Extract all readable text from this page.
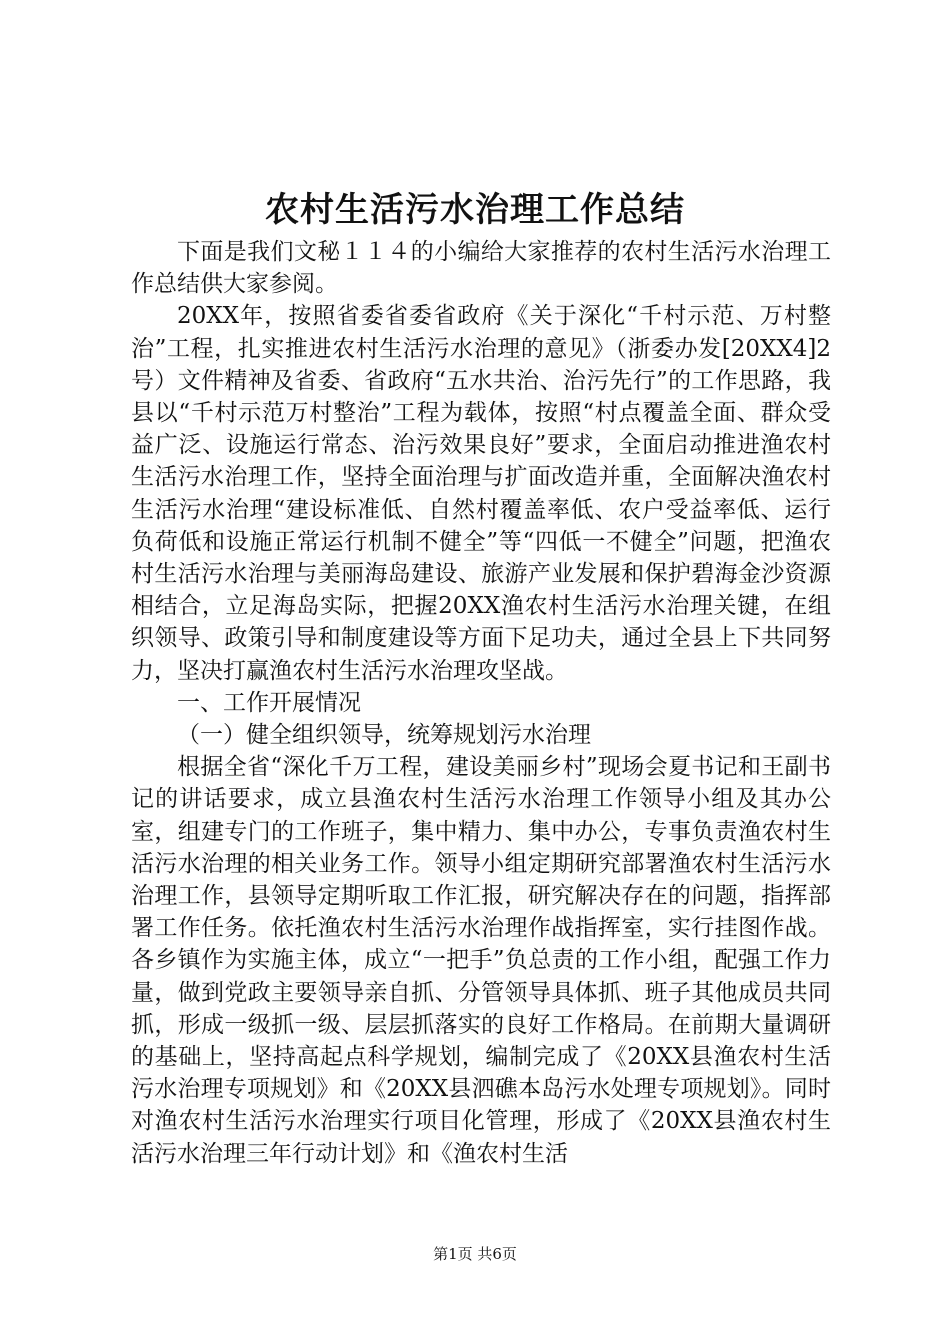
农村生活污水治理工作总结

下面是我们文秘１１４的小编给大家推荐的农村生活污水治理工作总结供大家参阅。

20XX年，按照省委省委省政府《关于深化“千村示范、万村整治”工程，扎实推进农村生活污水治理的意见》（浙委办发[20XX4]2号）文件精神及省委、省政府“五水共治、治污先行”的工作思路，我县以“千村示范万村整治”工程为载体，按照“村点覆盖全面、群众受益广泛、设施运行常态、治污效果良好”要求，全面启动推进渔农村生活污水治理工作，坚持全面治理与扩面改造并重，全面解决渔农村生活污水治理“建设标准低、自然村覆盖率低、农户受益率低、运行负荷低和设施正常运行机制不健全”等“四低一不健全”问题，把渔农村生活污水治理与美丽海岛建设、旅游产业发展和保护碧海金沙资源相结合，立足海岛实际，把握20XX渔农村生活污水治理关键，在组织领导、政策引导和制度建设等方面下足功夫，通过全县上下共同努力，坚决打赢渔农村生活污水治理攻坚战。

一、工作开展情况

（一）健全组织领导，统筹规划污水治理

根据全省“深化千万工程，建设美丽乡村”现场会夏书记和王副书记的讲话要求，成立县渔农村生活污水治理工作领导小组及其办公室，组建专门的工作班子，集中精力、集中办公，专事负责渔农村生活污水治理的相关业务工作。领导小组定期研究部署渔农村生活污水治理工作，县领导定期听取工作汇报，研究解决存在的问题，指挥部署工作任务。依托渔农村生活污水治理作战指挥室，实行挂图作战。各乡镇作为实施主体，成立“一把手”负总责的工作小组，配强工作力量，做到党政主要领导亲自抓、分管领导具体抓、班子其他成员共同抓，形成一级抓一级、层层抓落实的良好工作格局。在前期大量调研的基础上，坚持高起点科学规划，编制完成了《20XX县渔农村生活污水治理专项规划》和《20XX县泗礁本岛污水处理专项规划》。同时对渔农村生活污水治理实行项目化管理，形成了《20XX县渔农村生活污水治理三年行动计划》和《渔农村生活

第1页 共6页
